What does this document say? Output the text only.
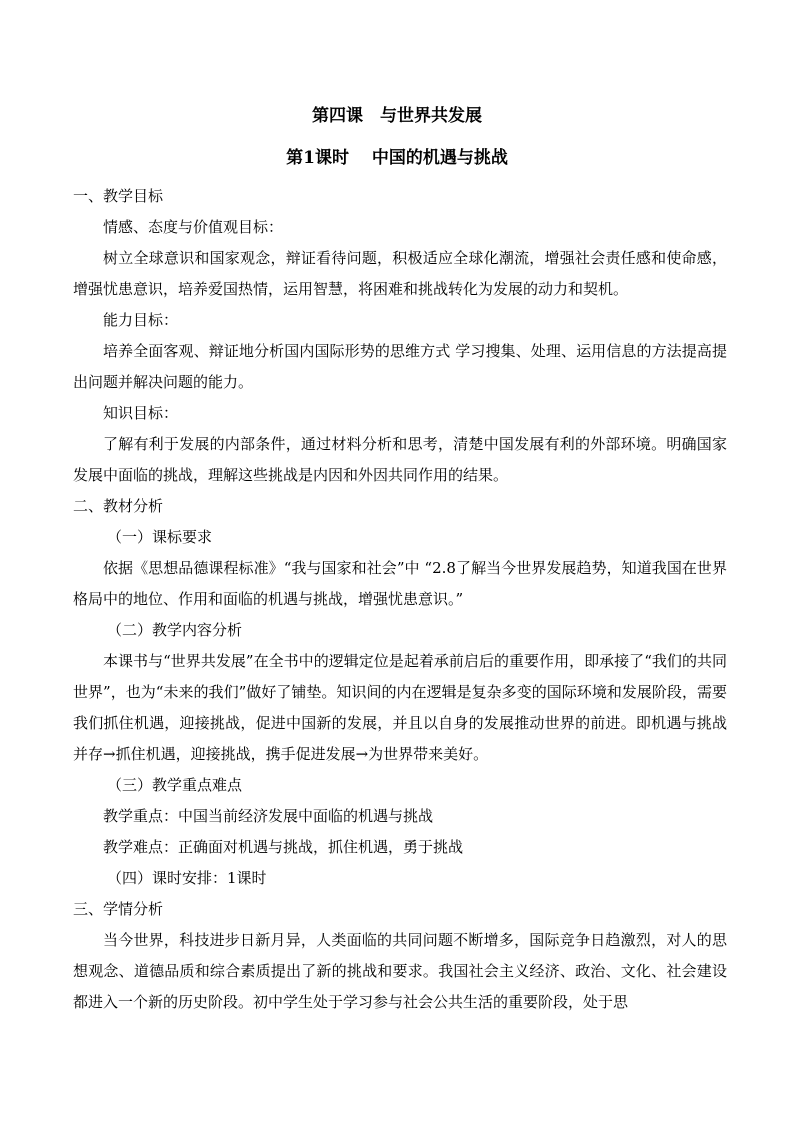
第四课　与世界共发展
第1课时　 中国的机遇与挑战

一、教学目标

情感、态度与价值观目标：

树立全球意识和国家观念，辩证看待问题，积极适应全球化潮流，增强社会责任感和使命感，增强忧患意识，培养爱国热情，运用智慧，将困难和挑战转化为发展的动力和契机。

能力目标：

培养全面客观、辩证地分析国内国际形势的思维方式 学习搜集、处理、运用信息的方法提高提出问题并解决问题的能力。

知识目标：

了解有利于发展的内部条件，通过材料分析和思考，清楚中国发展有利的外部环境。明确国家发展中面临的挑战，理解这些挑战是内因和外因共同作用的结果。

二、教材分析

（一）课标要求

依据《思想品德课程标准》“我与国家和社会”中 “2.8了解当今世界发展趋势，知道我国在世界格局中的地位、作用和面临的机遇与挑战，增强忧患意识。”

（二）教学内容分析

本课书与“世界共发展”在全书中的逻辑定位是起着承前启后的重要作用，即承接了“我们的共同世界”，也为“未来的我们”做好了铺垫。知识间的内在逻辑是复杂多变的国际环境和发展阶段，需要我们抓住机遇，迎接挑战，促进中国新的发展，并且以自身的发展推动世界的前进。即机遇与挑战并存→抓住机遇，迎接挑战，携手促进发展→为世界带来美好。

（三）教学重点难点

教学重点：中国当前经济发展中面临的机遇与挑战

教学难点：正确面对机遇与挑战，抓住机遇，勇于挑战

（四）课时安排：1课时

三、学情分析

当今世界，科技进步日新月异，人类面临的共同问题不断增多，国际竞争日趋激烈，对人的思想观念、道德品质和综合素质提出了新的挑战和要求。我国社会主义经济、政治、文化、社会建设都进入一个新的历史阶段。初中学生处于学习参与社会公共生活的重要阶段，处于思
